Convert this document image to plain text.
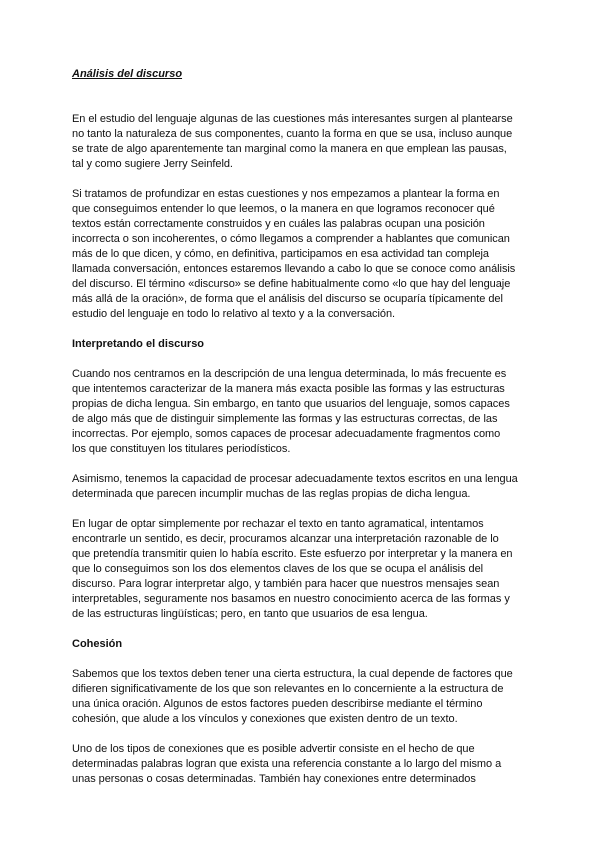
Análisis del discurso

En el estudio del lenguaje algunas de las cuestiones más interesantes surgen al plantearse
no tanto la naturaleza de sus componentes, cuanto la forma en que se usa, incluso aunque
se trate de algo aparentemente tan marginal como la manera en que emplean las pausas,
tal y como sugiere Jerry Seinfeld.

Si tratamos de profundizar en estas cuestiones y nos empezamos a plantear la forma en
que conseguimos entender lo que leemos, o la manera en que logramos reconocer qué
textos están correctamente construidos y en cuáles las palabras ocupan una posición
incorrecta o son incoherentes, o cómo llegamos a comprender a hablantes que comunican
más de lo que dicen, y cómo, en definitiva, participamos en esa actividad tan compleja
llamada conversación, entonces estaremos llevando a cabo lo que se conoce como análisis
del discurso. El término «discurso» se define habitualmente como «lo que hay del lenguaje
más allá de la oración», de forma que el análisis del discurso se ocuparía típicamente del
estudio del lenguaje en todo lo relativo al texto y a la conversación.

Interpretando el discurso

Cuando nos centramos en la descripción de una lengua determinada, lo más frecuente es
que intentemos caracterizar de la manera más exacta posible las formas y las estructuras
propias de dicha lengua. Sin embargo, en tanto que usuarios del lenguaje, somos capaces
de algo más que de distinguir simplemente las formas y las estructuras correctas, de las
incorrectas. Por ejemplo, somos capaces de procesar adecuadamente fragmentos como
los que constituyen los titulares periodísticos.

Asimismo, tenemos la capacidad de procesar adecuadamente textos escritos en una lengua
determinada que parecen incumplir muchas de las reglas propias de dicha lengua.

En lugar de optar simplemente por rechazar el texto en tanto agramatical, intentamos
encontrarle un sentido, es decir, procuramos alcanzar una interpretación razonable de lo
que pretendía transmitir quien lo había escrito. Este esfuerzo por interpretar y la manera en
que lo conseguimos son los dos elementos claves de los que se ocupa el análisis del
discurso. Para lograr interpretar algo, y también para hacer que nuestros mensajes sean
interpretables, seguramente nos basamos en nuestro conocimiento acerca de las formas y
de las estructuras lingüísticas; pero, en tanto que usuarios de esa lengua.

Cohesión

Sabemos que los textos deben tener una cierta estructura, la cual depende de factores que
difieren significativamente de los que son relevantes en lo concerniente a la estructura de
una única oración. Algunos de estos factores pueden describirse mediante el término
cohesión, que alude a los vínculos y conexiones que existen dentro de un texto.

Uno de los tipos de conexiones que es posible advertir consiste en el hecho de que
determinadas palabras logran que exista una referencia constante a lo largo del mismo a
unas personas o cosas determinadas. También hay conexiones entre determinados
